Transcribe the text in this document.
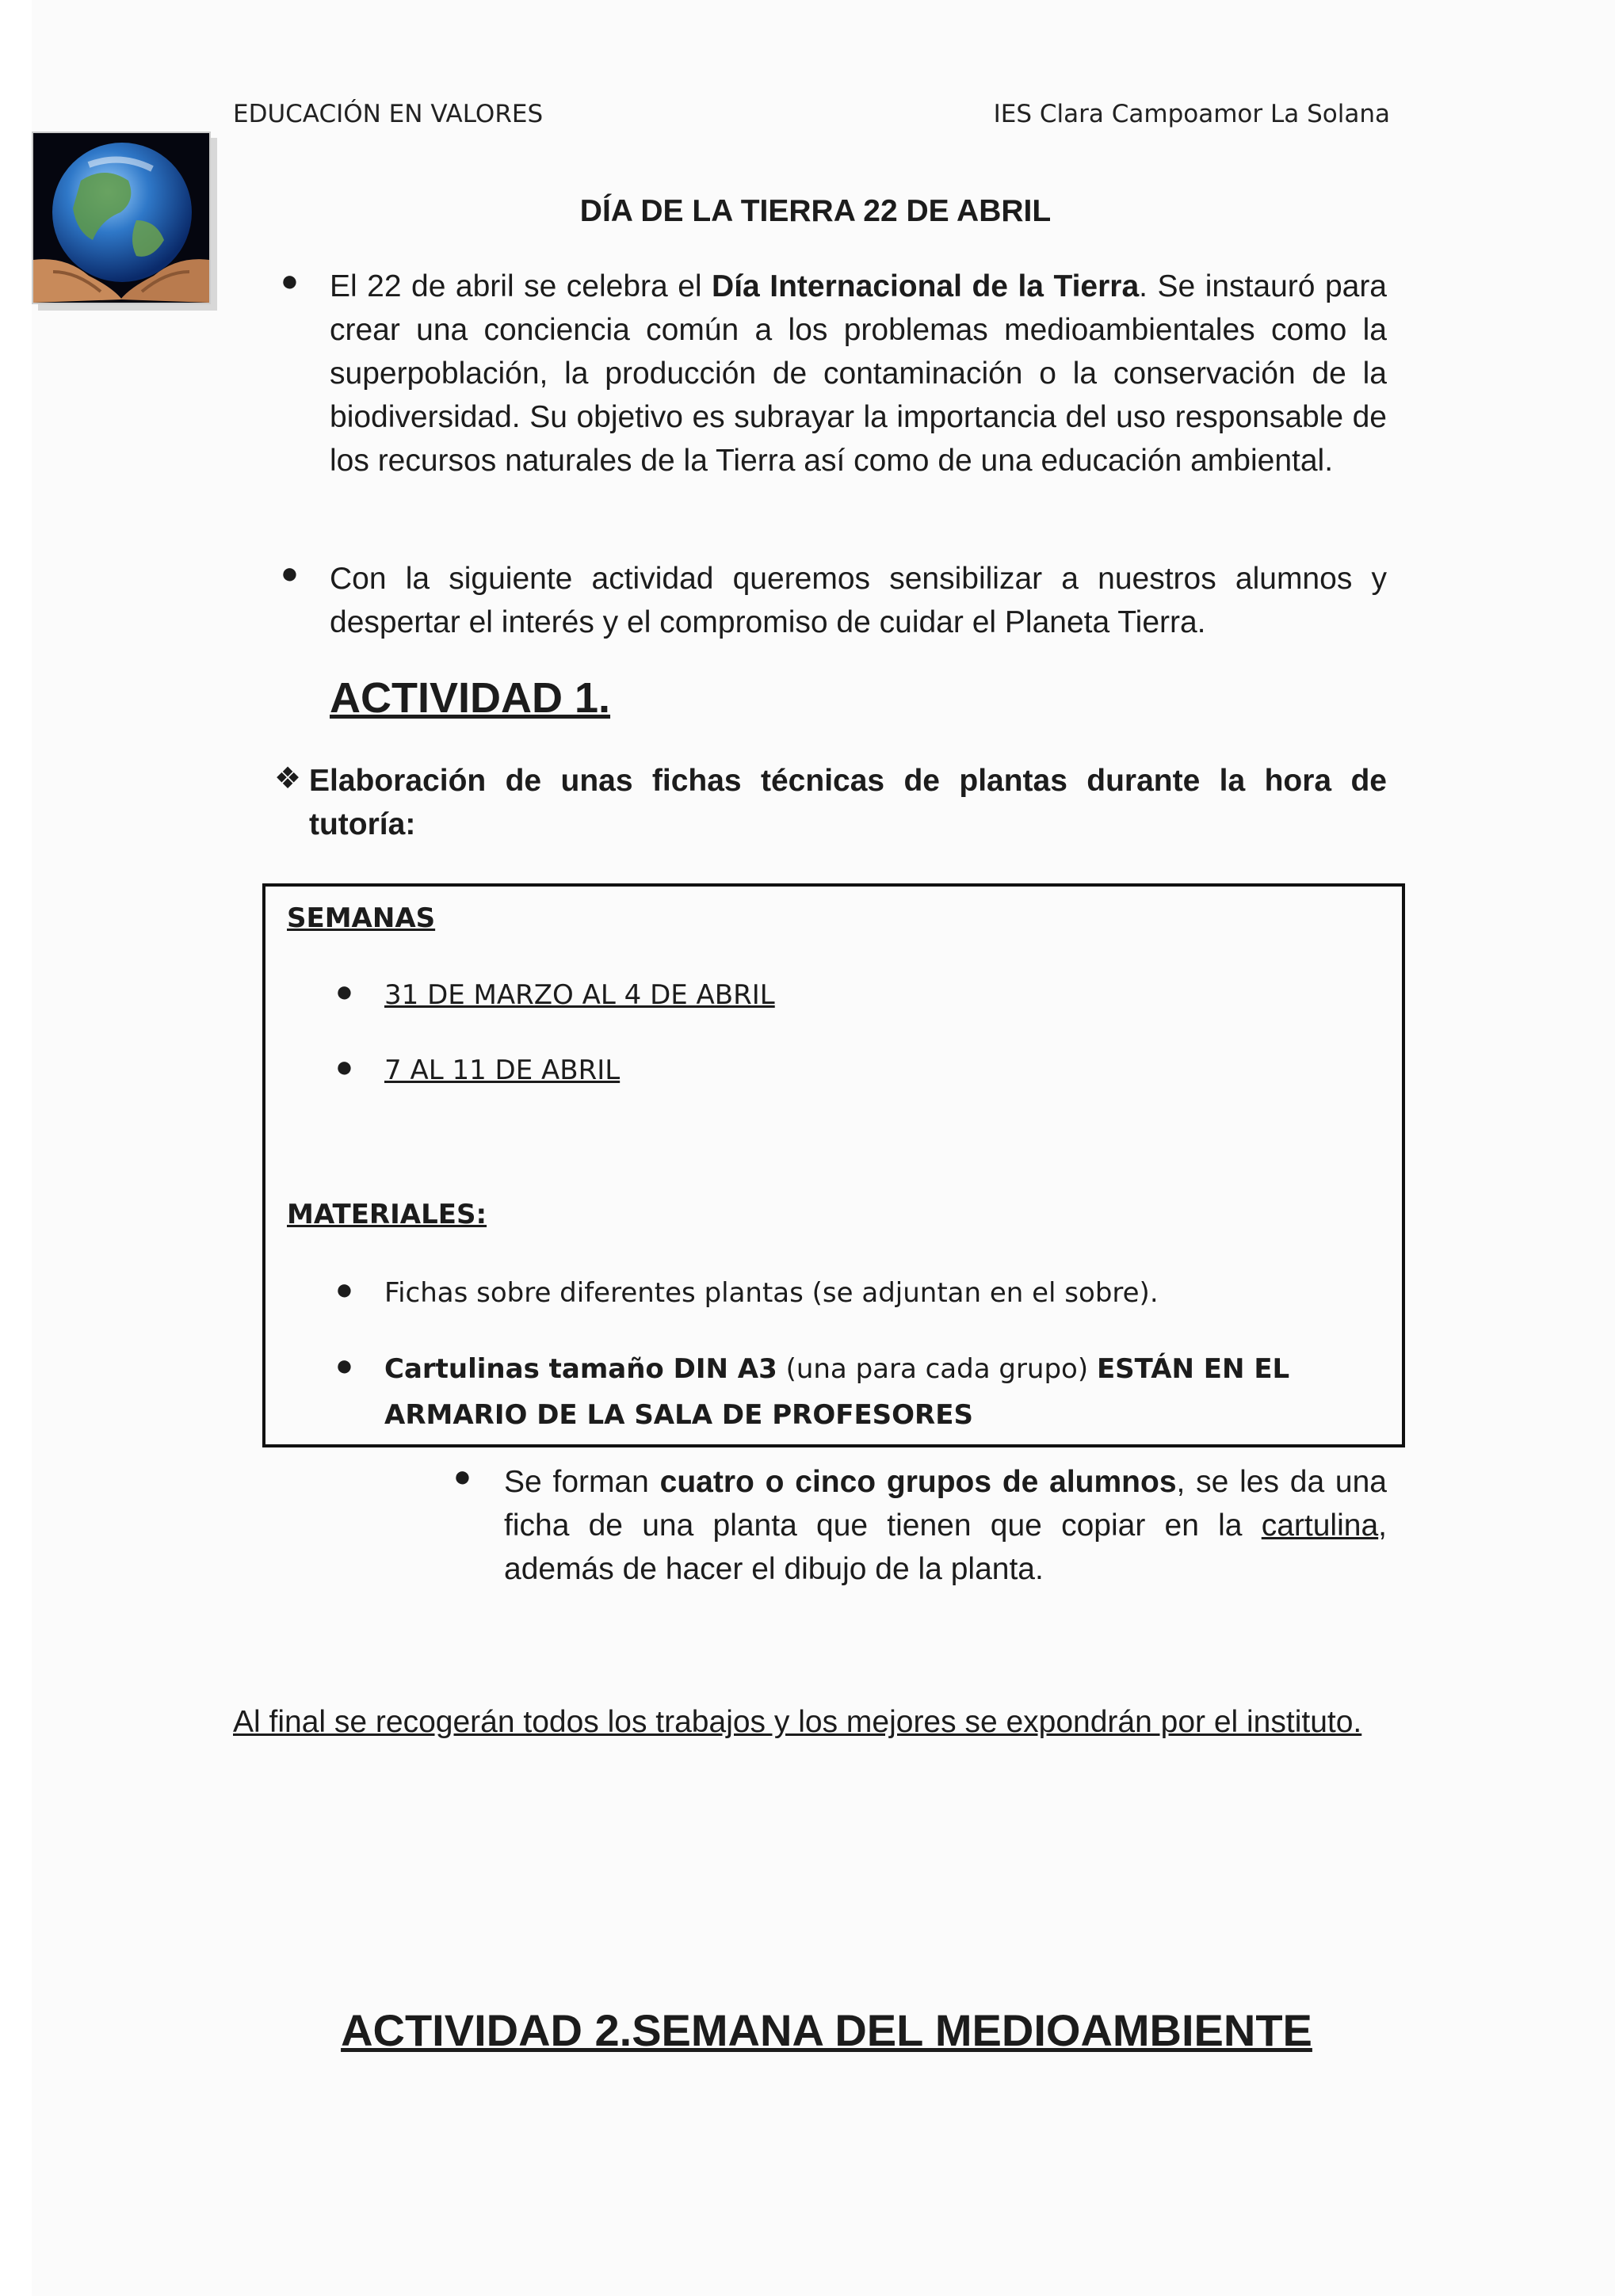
EDUCACIÓN EN VALORES	IES Clara Campoamor La Solana
DÍA DE LA TIERRA 22 DE ABRIL
● El 22 de abril se celebra el Día Internacional de la Tierra. Se instauró para crear una conciencia común a los problemas medioambientales como la superpoblación, la producción de contaminación o la conservación de la biodiversidad. Su objetivo es subrayar la importancia del uso responsable de los recursos naturales de la Tierra así como de una educación ambiental.
● Con la siguiente actividad queremos sensibilizar a nuestros alumnos y despertar el interés y el compromiso de cuidar el Planeta Tierra.
ACTIVIDAD 1.
❖ Elaboración de unas fichas técnicas de plantas durante la hora de tutoría:
SEMANAS
● 31 DE MARZO AL 4 DE ABRIL
● 7 AL 11 DE ABRIL
MATERIALES:
● Fichas sobre diferentes plantas (se adjuntan en el sobre).
● Cartulinas tamaño DIN A3 (una para cada grupo) ESTÁN EN EL ARMARIO DE LA SALA DE PROFESORES
● Se forman cuatro o cinco grupos de alumnos, se les da una ficha de una planta que tienen que copiar en la cartulina, además de hacer el dibujo de la planta.
Al final se recogerán todos los trabajos y los mejores se expondrán por el instituto.
ACTIVIDAD 2.SEMANA DEL MEDIOAMBIENTE
